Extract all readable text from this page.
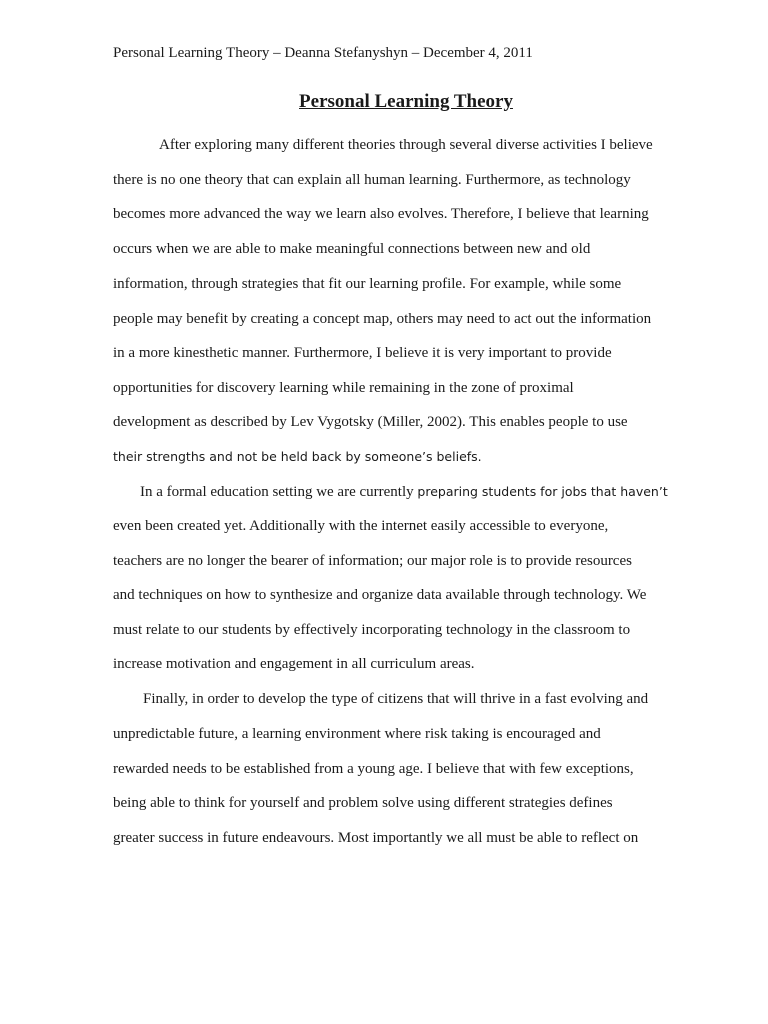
Personal Learning Theory – Deanna Stefanyshyn – December 4, 2011
Personal Learning Theory
After exploring many different theories through several diverse activities I believe
there is no one theory that can explain all human learning. Furthermore, as technology
becomes more advanced the way we learn also evolves. Therefore, I believe that learning
occurs when we are able to make meaningful connections between new and old
information, through strategies that fit our learning profile. For example, while some
people may benefit by creating a concept map, others may need to act out the information
in a more kinesthetic manner. Furthermore, I believe it is very important to provide
opportunities for discovery learning while remaining in the zone of proximal
development as described by Lev Vygotsky (Miller, 2002). This enables people to use
their strengths and not be held back by someone’s beliefs.
In a formal education setting we are currently preparing students for jobs that haven’t
even been created yet. Additionally with the internet easily accessible to everyone,
teachers are no longer the bearer of information; our major role is to provide resources
and techniques on how to synthesize and organize data available through technology. We
must relate to our students by effectively incorporating technology in the classroom to
increase motivation and engagement in all curriculum areas.
Finally, in order to develop the type of citizens that will thrive in a fast evolving and
unpredictable future, a learning environment where risk taking is encouraged and
rewarded needs to be established from a young age. I believe that with few exceptions,
being able to think for yourself and problem solve using different strategies defines
greater success in future endeavours. Most importantly we all must be able to reflect on
